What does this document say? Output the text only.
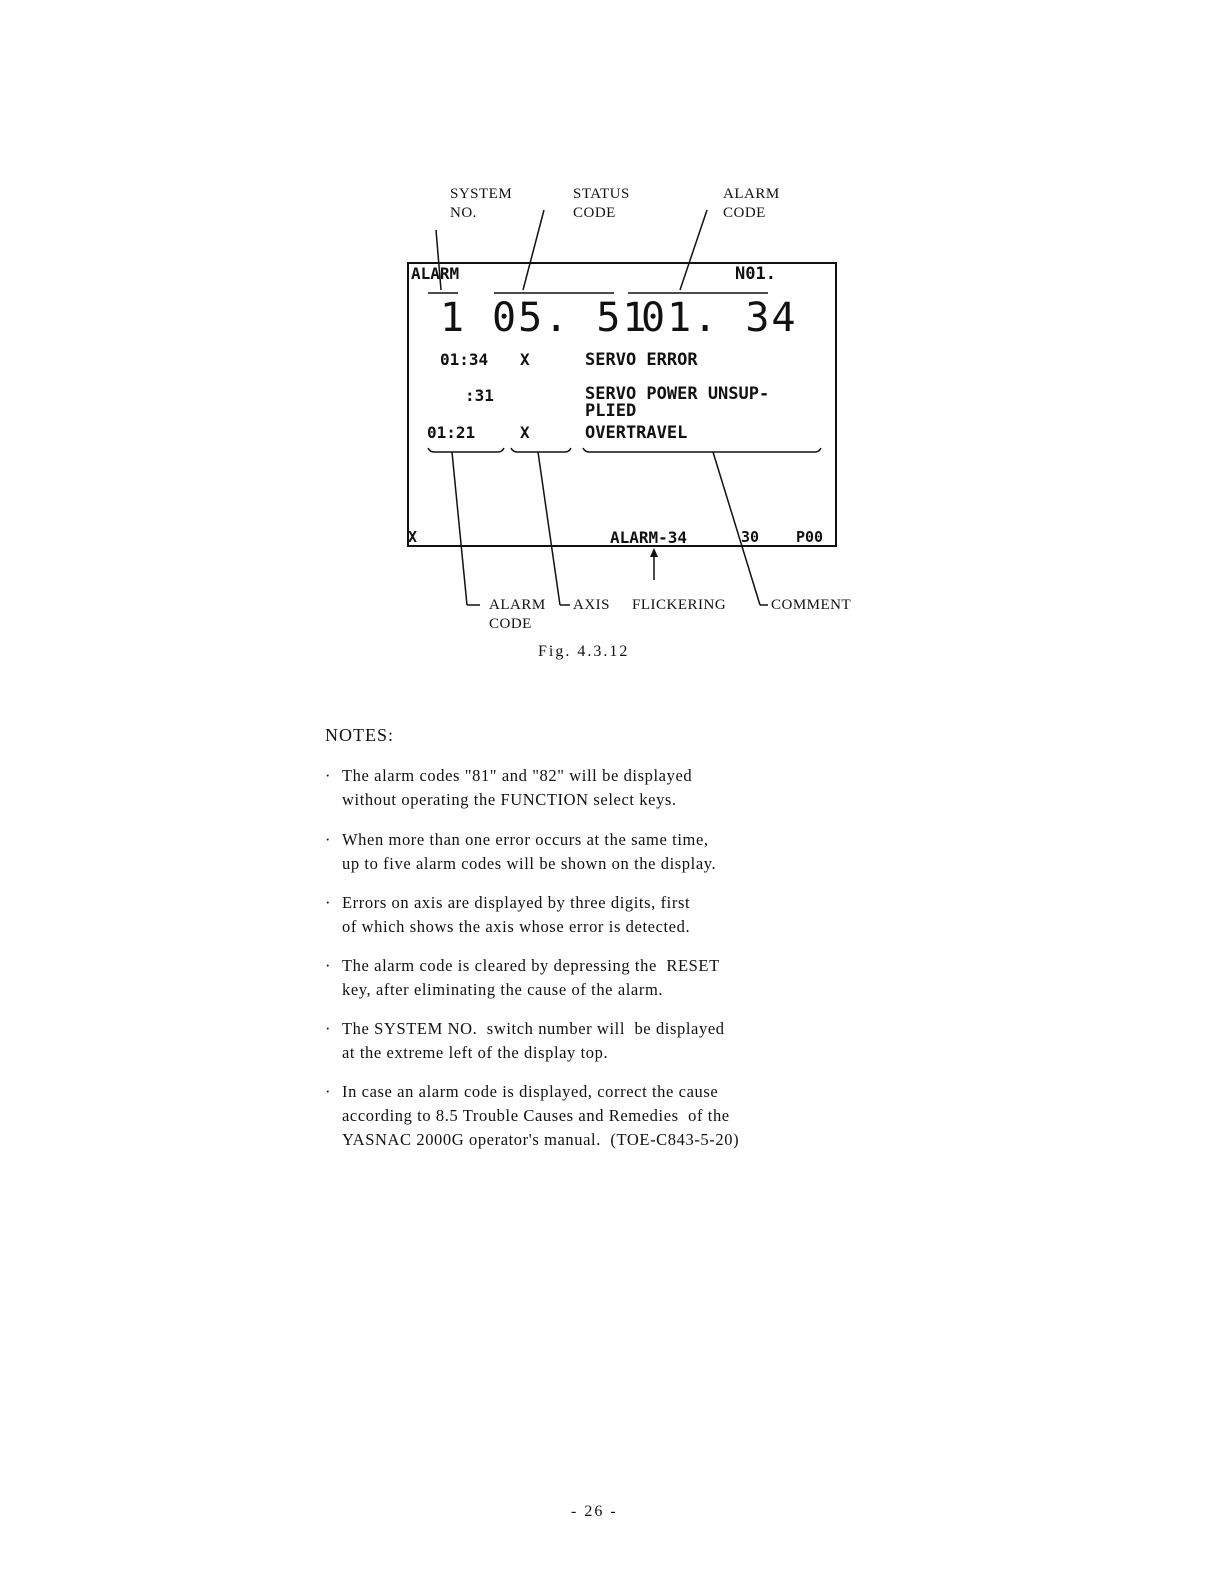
SYSTEM
NO.
STATUS
CODE
ALARM
CODE
ALARM	N01.
1 05. 51
01. 34
01:34 X	SERVO ERROR
:31	SERVO POWER UNSUP-
PLIED
01:21	X	OVERTRAVEL
X	ALARM-34	30 P00
ALARM
CODE
AXIS FLICKERING	COMMENT
Fig. 4.3.12
NOTES:
· The alarm codes "81" and "82" will be displayed
without operating the FUNCTION select keys.
· When more than one error occurs at the same time,
up to five alarm codes will be shown on the display.
· Errors on axis are displayed by three digits, first
of which shows the axis whose error is detected.
· The alarm code is cleared by depressing the  RESET
key, after eliminating the cause of the alarm.
· The SYSTEM NO.  switch number will  be displayed
at the extreme left of the display top.
· In case an alarm code is displayed, correct the cause
according to 8.5 Trouble Causes and Remedies  of the
YASNAC 2000G operator's manual.  (TOE-C843-5-20)
- 26 -
